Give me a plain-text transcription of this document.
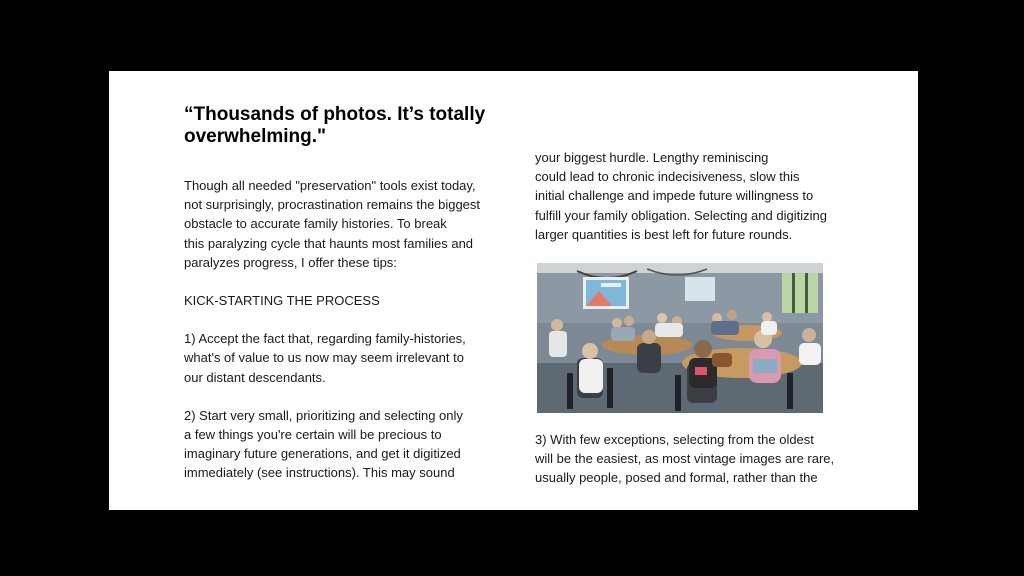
“Thousands of photos. It’s totally
overwhelming."
Though all needed "preservation" tools exist today,
not surprisingly, procrastination remains the biggest
obstacle to accurate family histories. To break
this paralyzing cycle that haunts most families and
paralyzes progress, I offer these tips:
KICK-STARTING THE PROCESS
1) Accept the fact that, regarding family-histories,
what's of value to us now may seem irrelevant to
our distant descendants.
2) Start very small, prioritizing and selecting only
a few things you're certain will be precious to
imaginary future generations, and get it digitized
immediately (see instructions). This may sound
your biggest hurdle. Lengthy reminiscing
could lead to chronic indecisiveness, slow this
initial challenge and impede future willingness to
fulfill your family obligation. Selecting and digitizing
larger quantities is best left for future rounds.
3) With few exceptions, selecting from the oldest
will be the easiest, as most vintage images are rare,
usually people, posed and formal, rather than the
